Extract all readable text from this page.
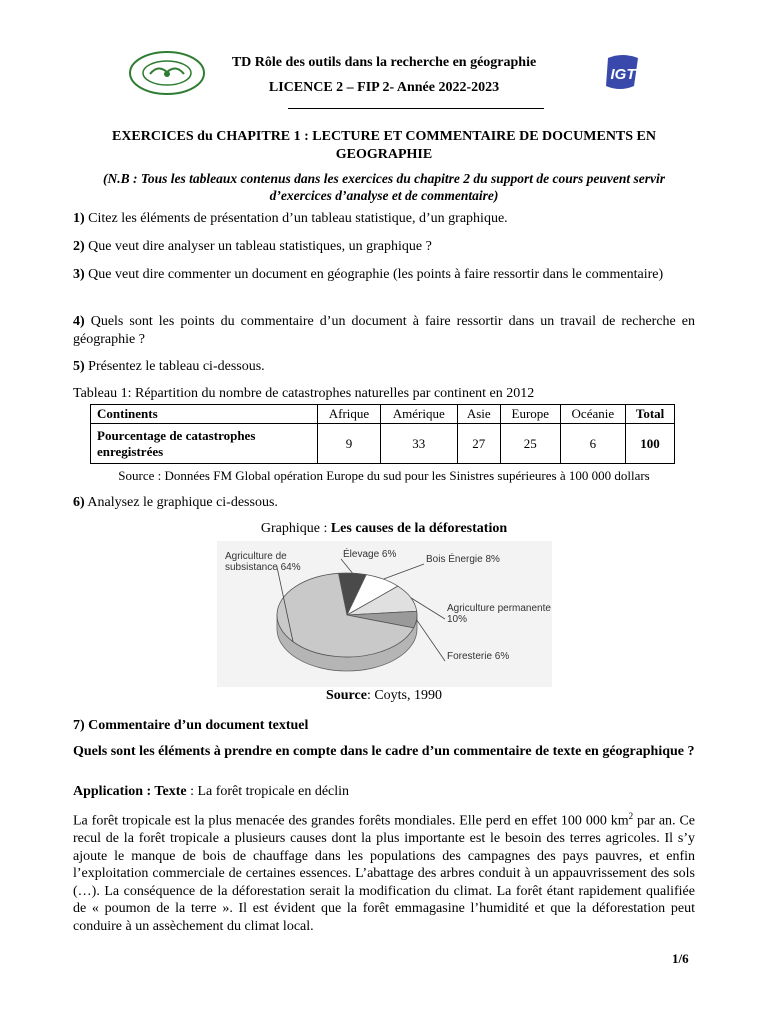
TD Rôle des outils dans la recherche en géographie
LICENCE 2 – FIP 2- Année 2022-2023
IGT
EXERCICES du CHAPITRE 1 : LECTURE ET COMMENTAIRE DE DOCUMENTS EN GEOGRAPHIE
(N.B : Tous les tableaux contenus dans les exercices du chapitre 2 du support de cours peuvent servir d’exercices d’analyse et de commentaire)
1) Citez les éléments de présentation d’un tableau statistique, d’un graphique.
2) Que veut dire analyser un tableau statistiques, un graphique ?
3) Que veut dire commenter un document en géographie (les points à faire ressortir dans le commentaire)
4) Quels sont les points du commentaire d’un document à faire ressortir dans un travail de recherche en géographie ?
5) Présentez le tableau ci-dessous.
Tableau 1: Répartition du nombre de catastrophes naturelles par continent en 2012
Continents	Afrique	Amérique	Asie	Europe	Océanie	Total
Pourcentage de catastrophes enregistrées	9	33	27	25	6	100
Source : Données FM Global opération Europe du sud pour les Sinistres supérieures à 100 000 dollars
6) Analysez le graphique ci-dessous.
Graphique : Les causes de la déforestation
Agriculture de subsistance 64%
Élevage 6%	Bois Énergie 8%
Agriculture permanente 10%
Foresterie 6%
Source: Coyts, 1990
7) Commentaire d’un document textuel
Quels sont les éléments à prendre en compte dans le cadre d’un commentaire de texte en géographique ?
Application : Texte : La forêt tropicale en déclin
La forêt tropicale est la plus menacée des grandes forêts mondiales. Elle perd en effet 100 000 $km^2$ par an. Ce recul de la forêt tropicale a plusieurs causes dont la plus importante est le besoin des terres agricoles. Il s’y ajoute le manque de bois de chauffage dans les populations des campagnes des pays pauvres, et enfin l’exploitation commerciale de certaines essences. L’abattage des arbres conduit à un appauvrissement des sols (…). La conséquence de la déforestation serait la modification du climat. La forêt étant rapidement qualifiée de « poumon de la terre ». Il est évident que la forêt emmagasine l’humidité et que la déforestation peut conduire à un assèchement du climat local.
1/6
